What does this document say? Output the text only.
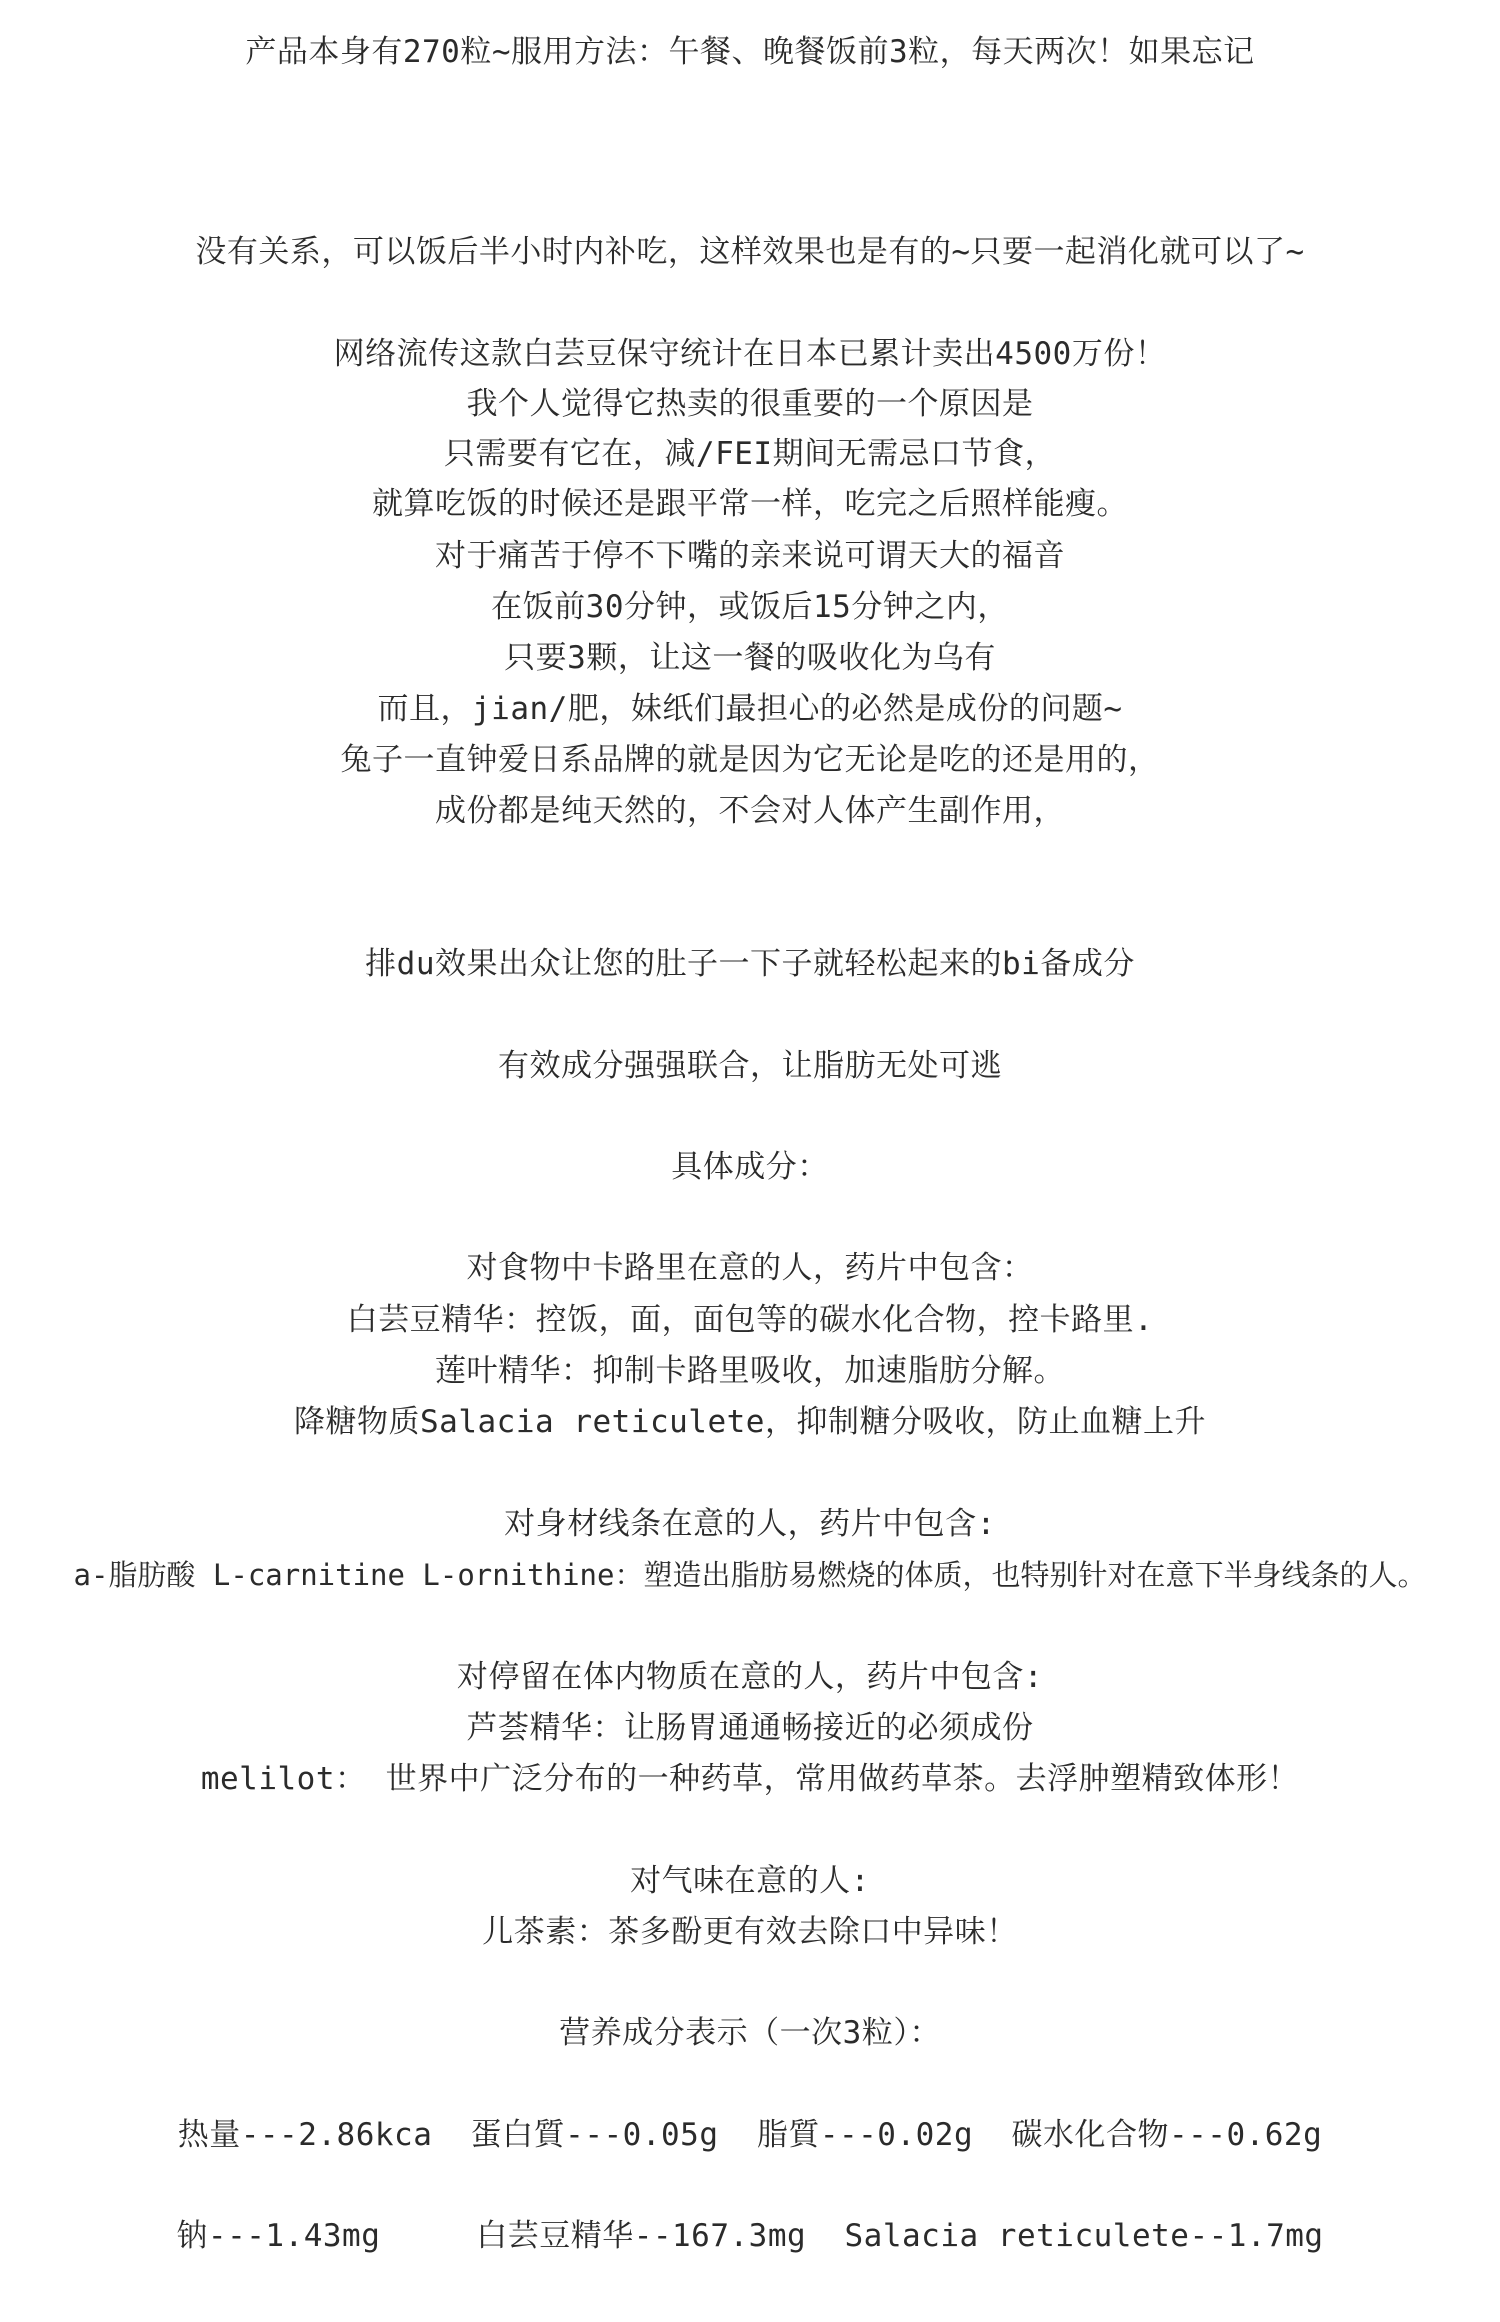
产品本身有270粒~服用方法：午餐、晚餐饭前3粒，每天两次！如果忘记
没有关系，可以饭后半小时内补吃，这样效果也是有的~只要一起消化就可以了~
网络流传这款白芸豆保守统计在日本已累计卖出4500万份！
我个人觉得它热卖的很重要的一个原因是
只需要有它在，减/FEI期间无需忌口节食，
就算吃饭的时候还是跟平常一样，吃完之后照样能瘦。
对于痛苦于停不下嘴的亲来说可谓天大的福音
在饭前30分钟，或饭后15分钟之内，
只要3颗，让这一餐的吸收化为乌有
而且，jian/肥，妹纸们最担心的必然是成份的问题~
兔子一直钟爱日系品牌的就是因为它无论是吃的还是用的，
成份都是纯天然的，不会对人体产生副作用，
排du效果出众让您的肚子一下子就轻松起来的bi备成分
有效成分强强联合，让脂肪无处可逃
具体成分：
对食物中卡路里在意的人，药片中包含：
白芸豆精华：控饭，面，面包等的碳水化合物，控卡路里.
莲叶精华：抑制卡路里吸收，加速脂肪分解。
降糖物质Salacia reticulete，抑制糖分吸收，防止血糖上升
对身材线条在意的人，药片中包含:
a-脂肪酸 L-carnitine L-ornithine：塑造出脂肪易燃烧的体质，也特别针对在意下半身线条的人。
对停留在体内物质在意的人，药片中包含:
芦荟精华：让肠胃通通畅接近的必须成份
melilot： 世界中广泛分布的一种药草，常用做药草茶。去浮肿塑精致体形！
对气味在意的人:
儿茶素：茶多酚更有效去除口中异味！
营养成分表示（一次3粒）：
热量---2.86kca  蛋白質---0.05g  脂質---0.02g  碳水化合物---0.62g
钠---1.43mg     白芸豆精华--167.3mg  Salacia reticulete--1.7mg
